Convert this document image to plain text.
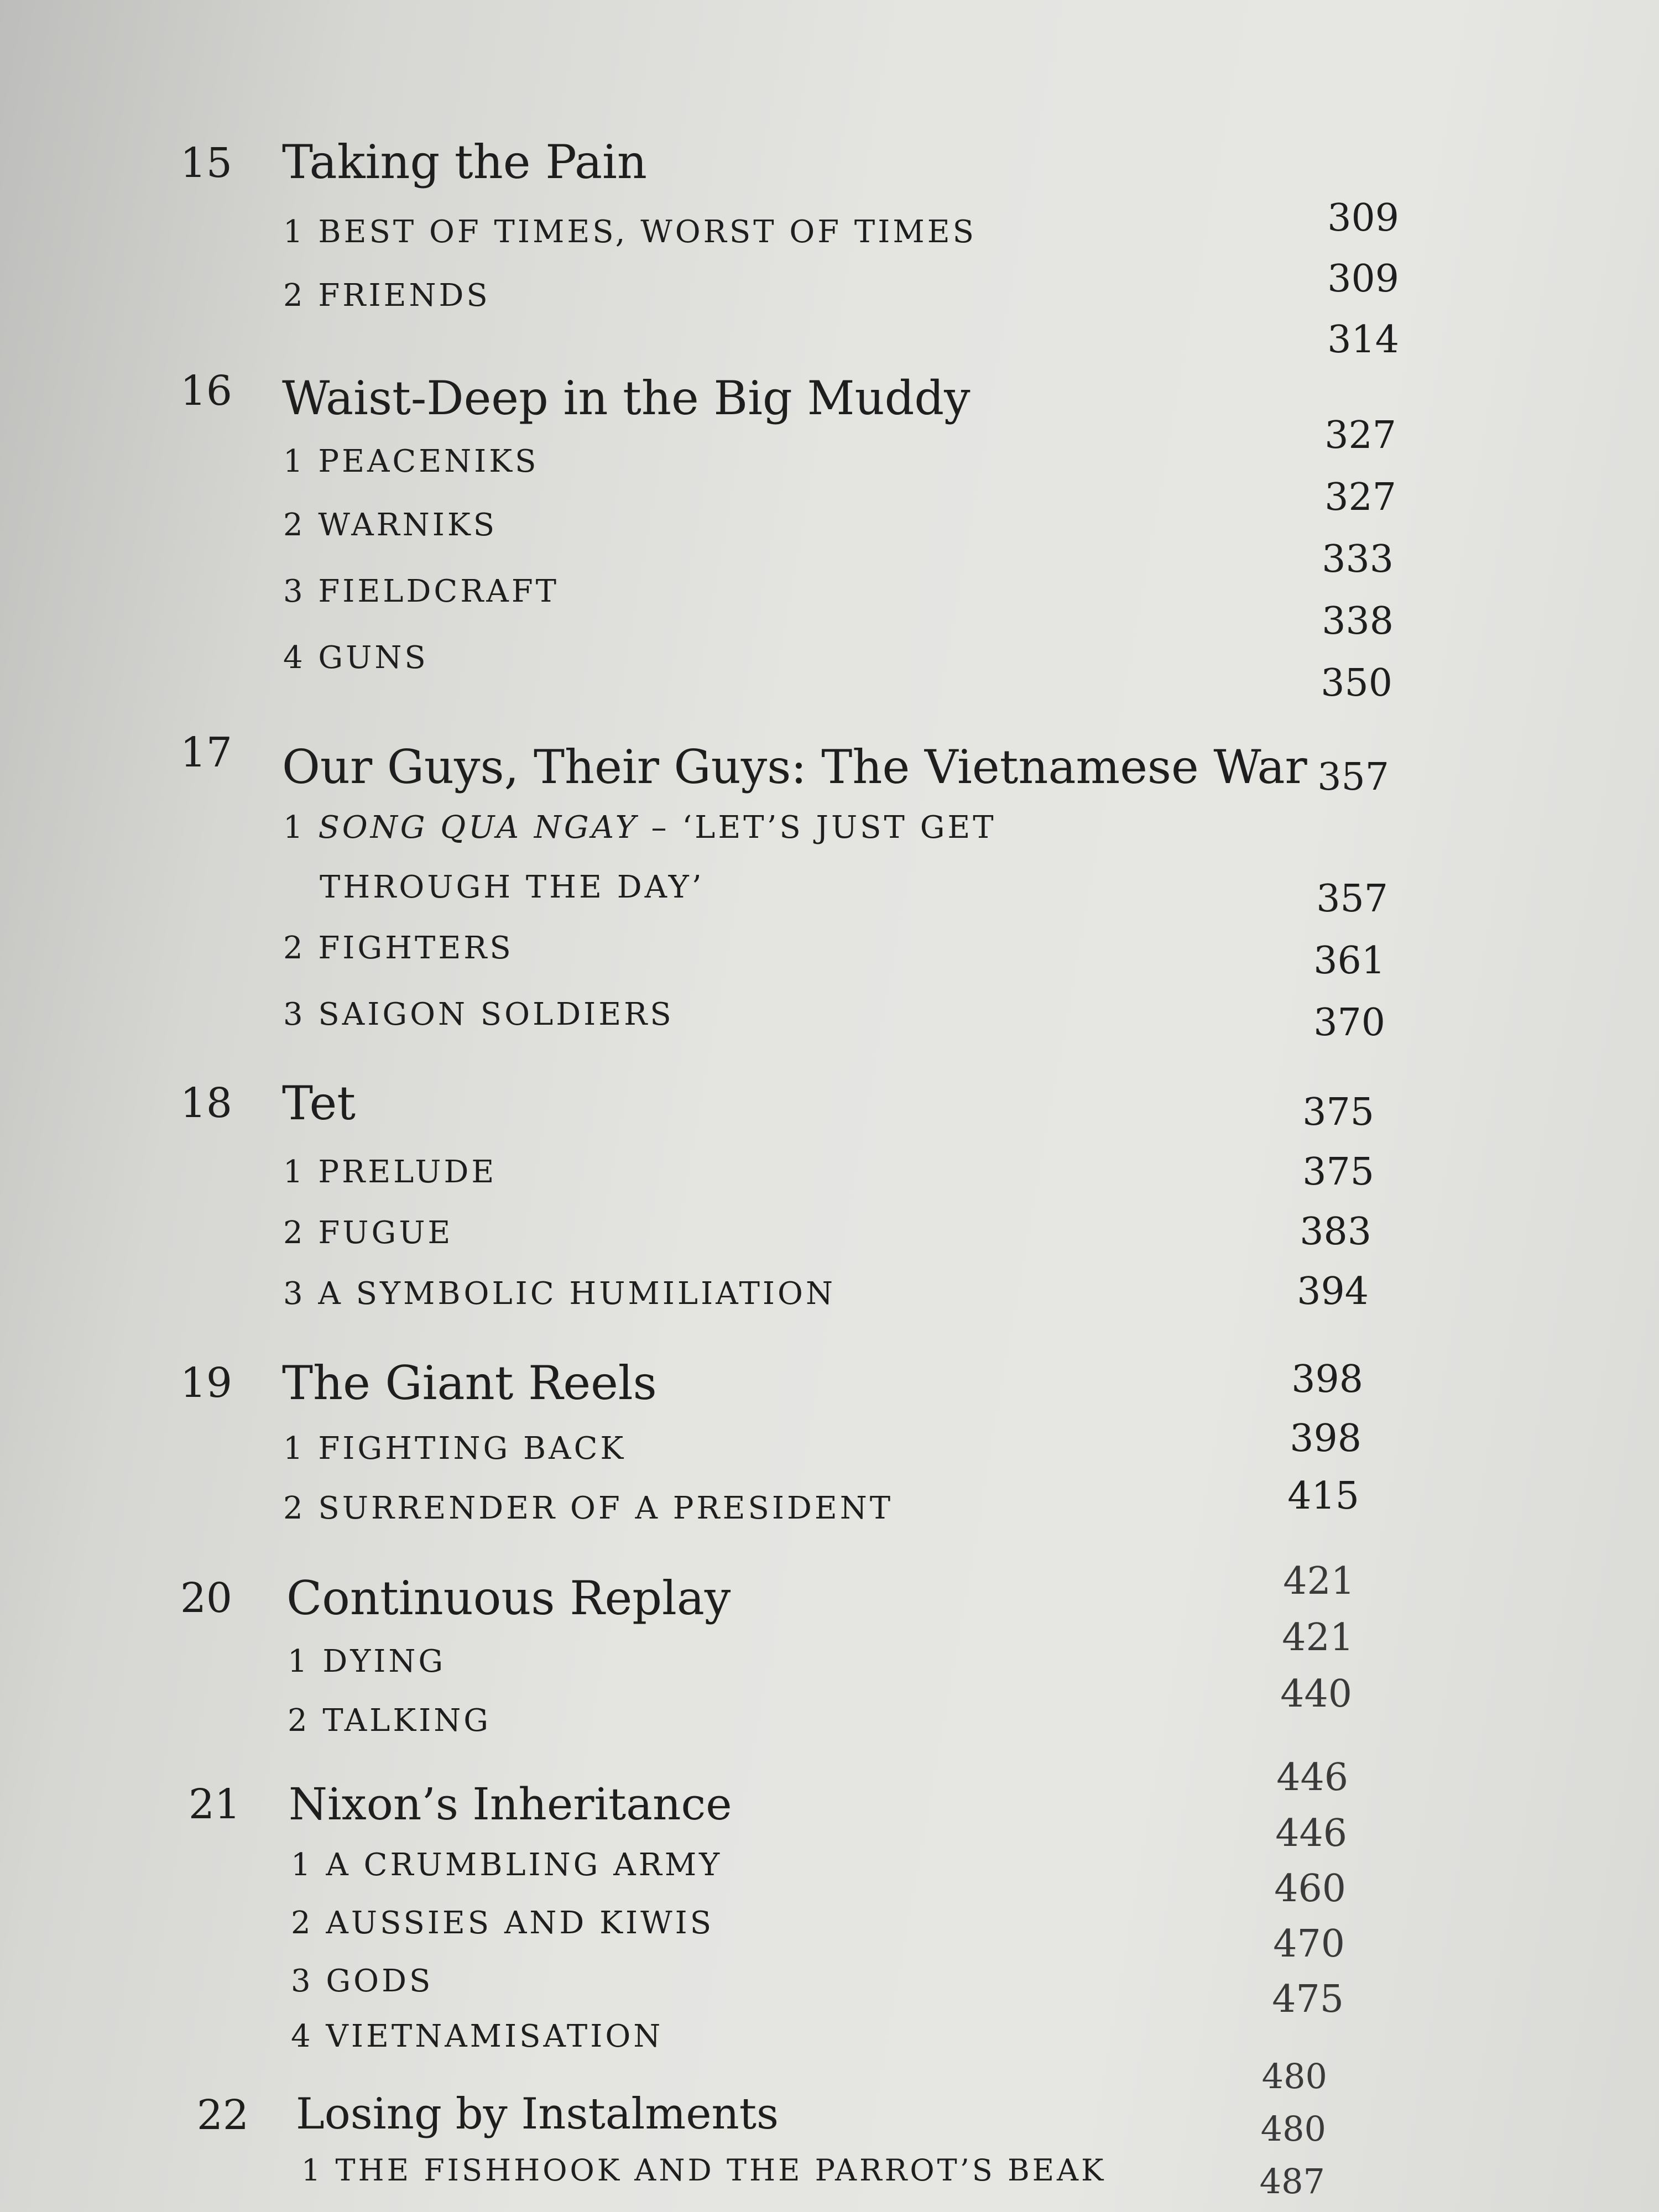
15 Taking the Pain
1 BEST OF TIMES, WORST OF TIMES
2 FRIENDS
309
309
314
16 Waist-Deep in the Big Muddy
1 PEACENIKS
2 WARNIKS
3 FIELDCRAFT
4 GUNS
327
327
333
338
350
17 Our Guys, Their Guys: The Vietnamese War
1 SONG QUA NGAY – ‘LET’S JUST GET
THROUGH THE DAY’
2 FIGHTERS
3 SAIGON SOLDIERS
357
357
361
370
18 Tet
1 PRELUDE
2 FUGUE
3 A SYMBOLIC HUMILIATION
375
375
383
394
19 The Giant Reels
1 FIGHTING BACK
2 SURRENDER OF A PRESIDENT
398
398
415
20 Continuous Replay
1 DYING
2 TALKING
421
421
440
21 Nixon’s Inheritance
1 A CRUMBLING ARMY
2 AUSSIES AND KIWIS
3 GODS
4 VIETNAMISATION
446
446
460
470
475
22 Losing by Instalments
1 THE FISHHOOK AND THE PARROT’S BEAK
480
480
487
